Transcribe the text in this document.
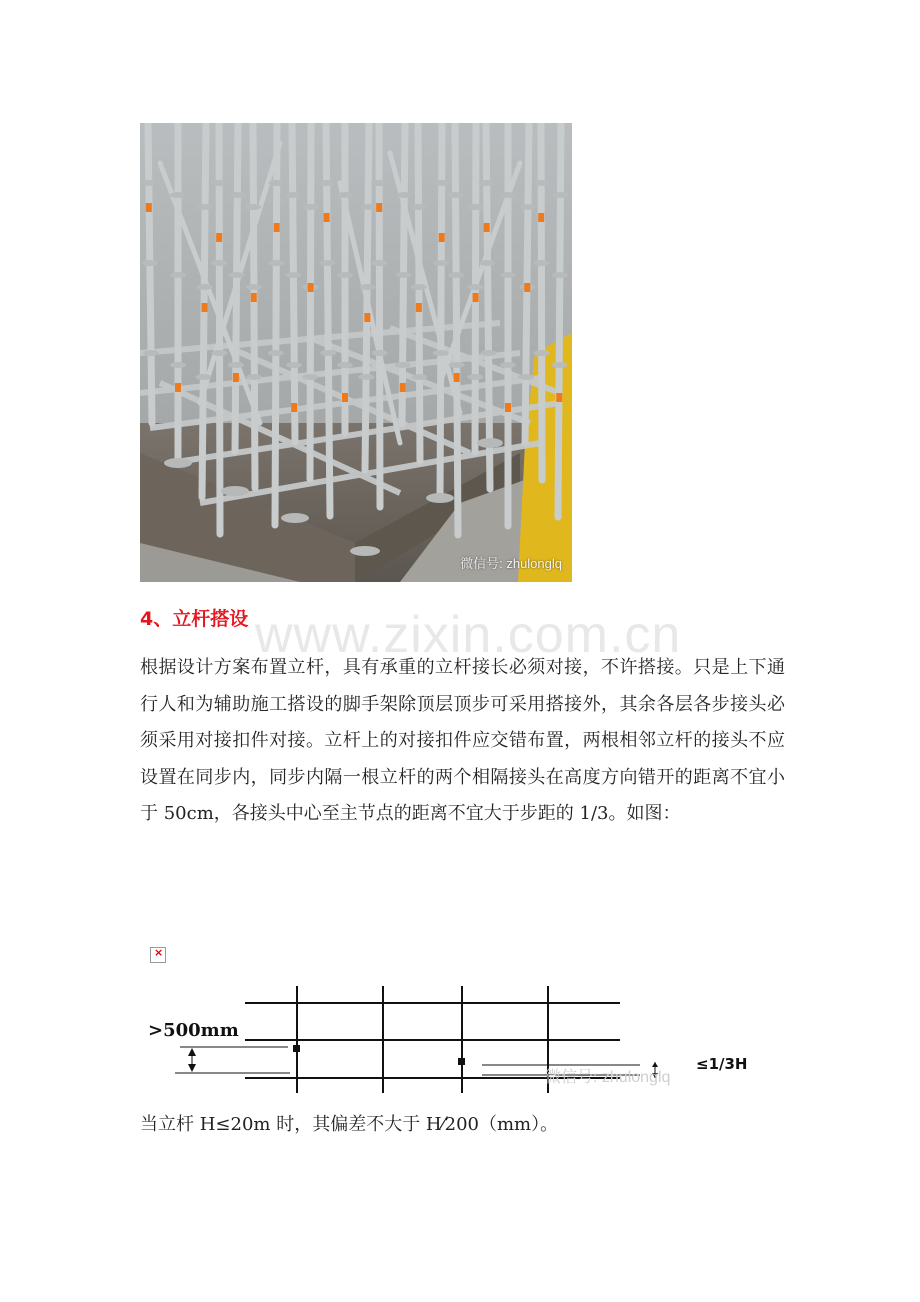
微信号: zhulonglq
www.zixin.com.cn
4、立杆搭设
根据设计方案布置立杆，具有承重的立杆接长必须对接，不许搭接。只是上下通行人和为辅助施工搭设的脚手架除顶层顶步可采用搭接外，其余各层各步接头必须采用对接扣件对接。立杆上的对接扣件应交错布置，两根相邻立杆的接头不应设置在同步内，同步内隔一根立杆的两个相隔接头在高度方向错开的距离不宜小于 50cm，各接头中心至主节点的距离不宜大于步距的 1/3。如图：
×
>500mm
≤1/3H
微信号: zhulonglq
当立杆 H≤20m 时，其偏差不大于 H⁄200（mm）。
